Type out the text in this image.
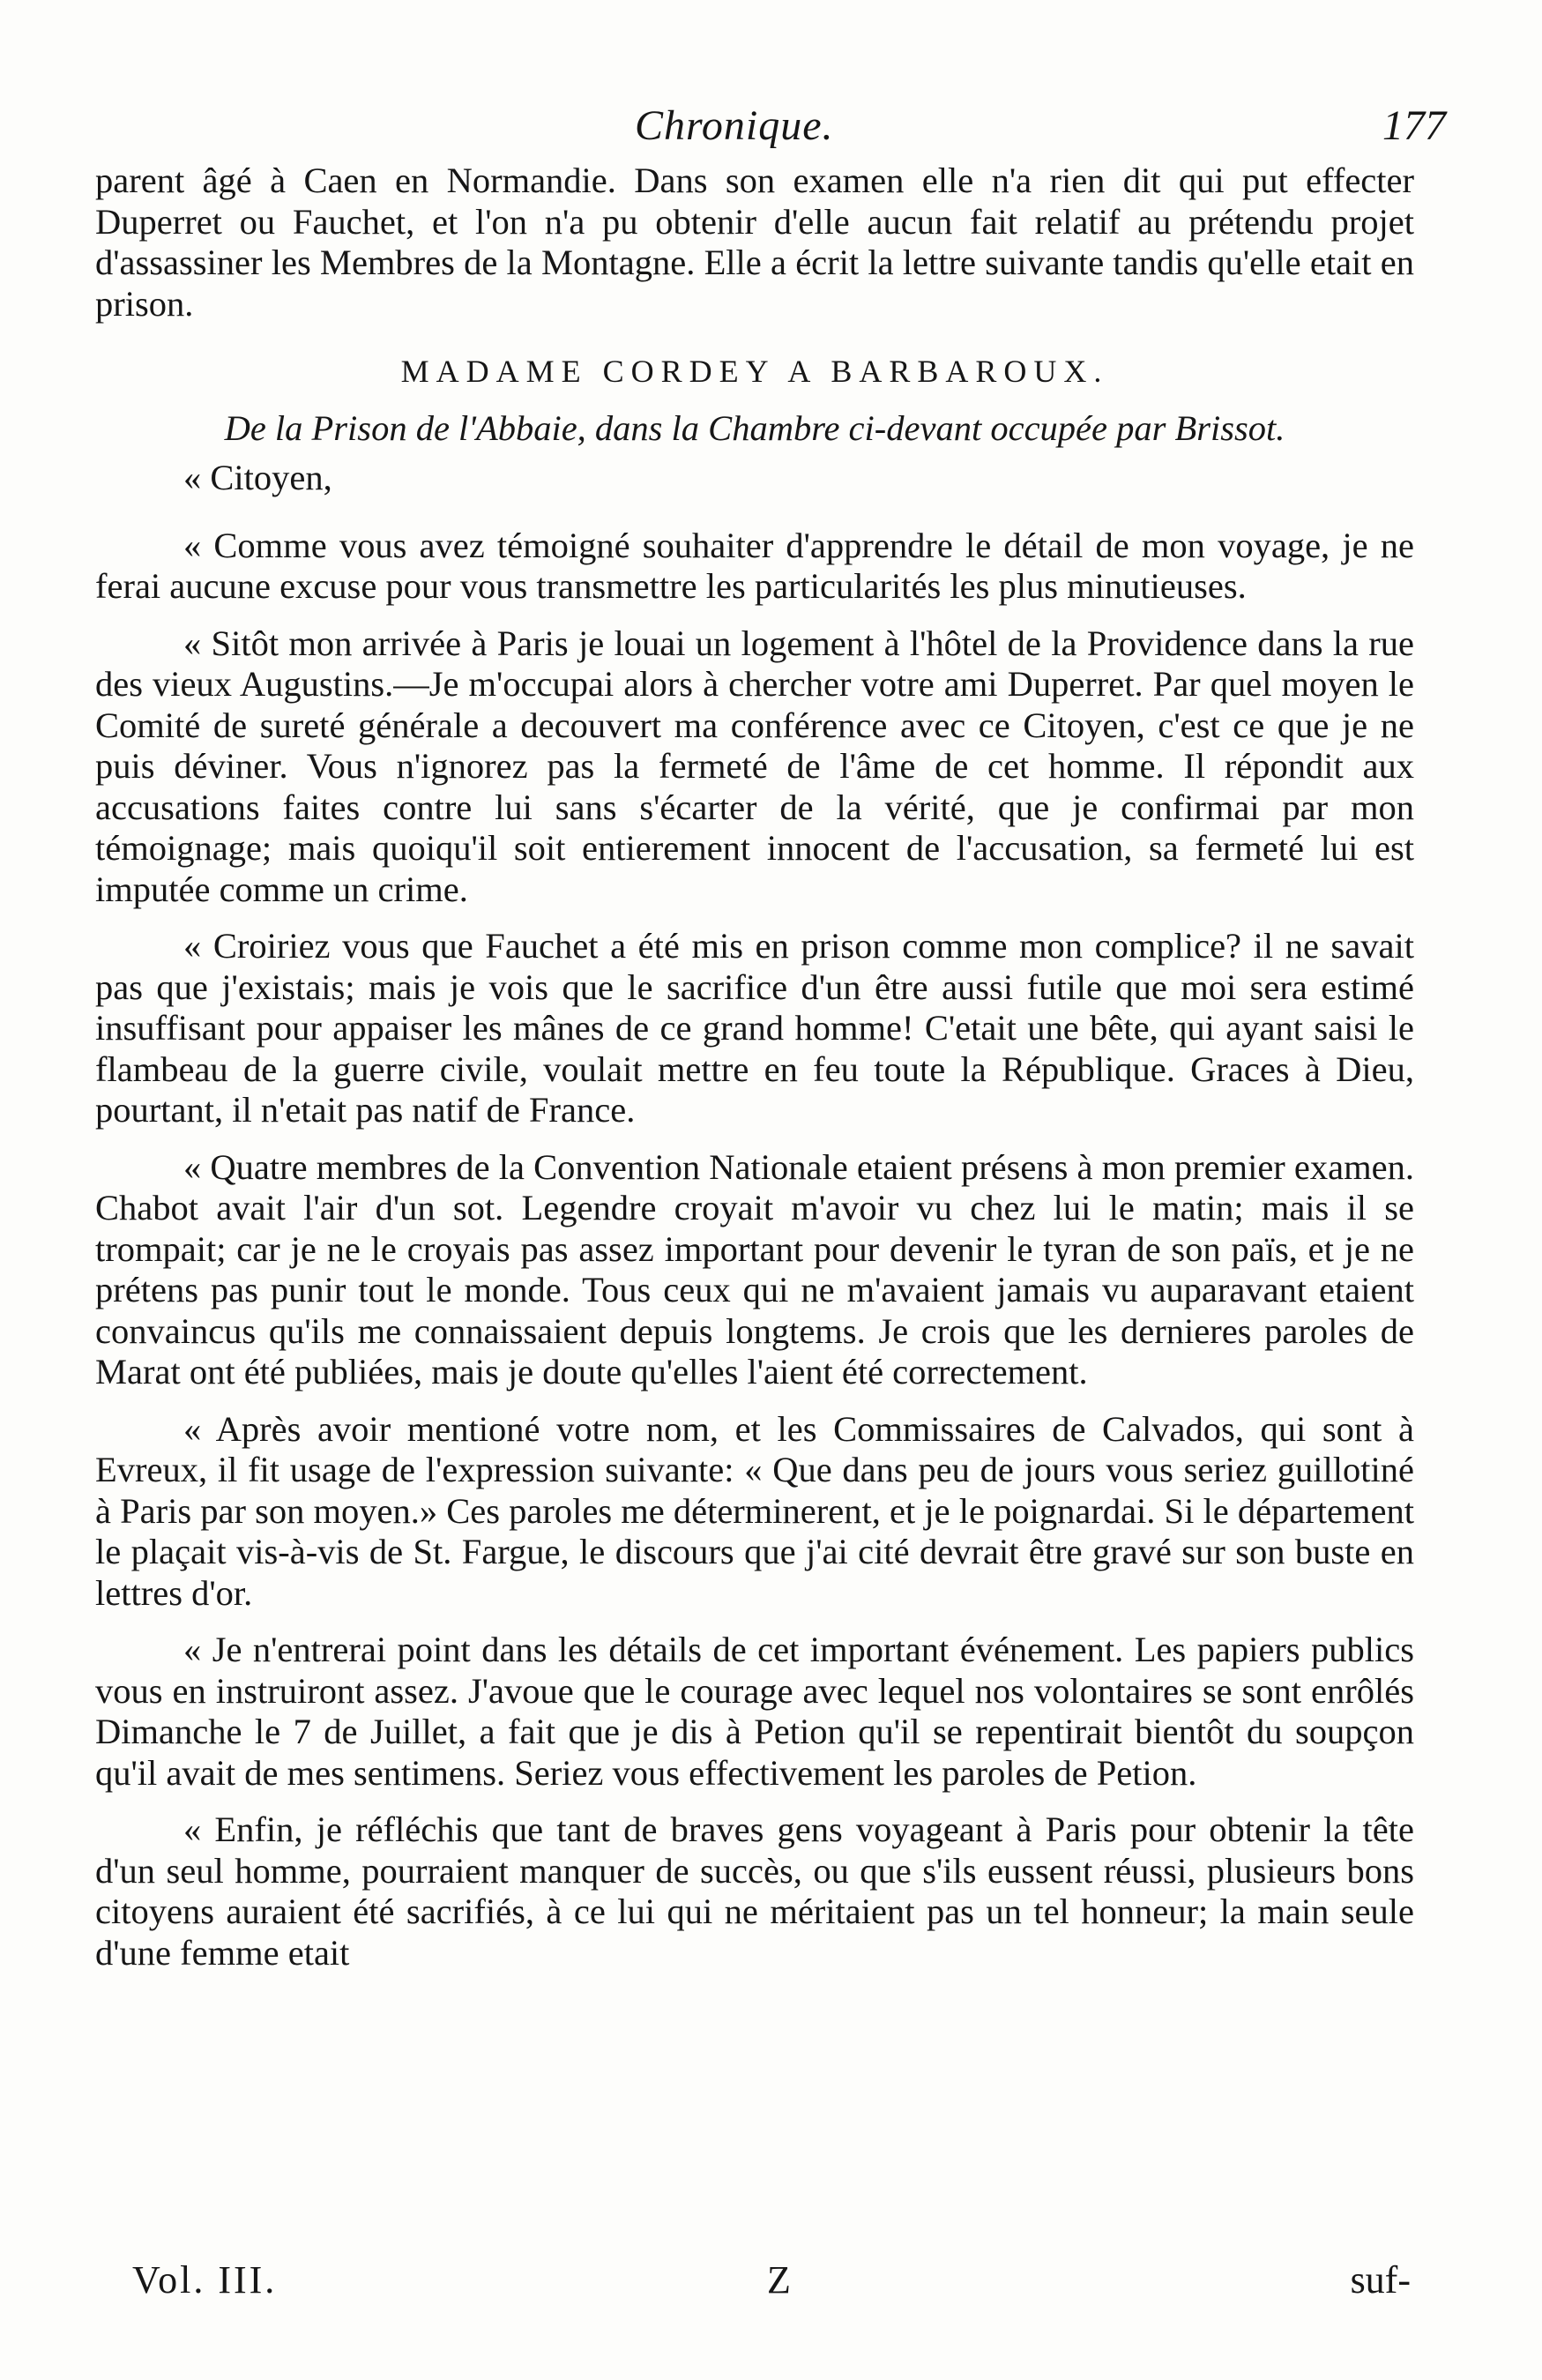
Chronique.	177

parent âgé à Caen en Normandie. Dans son examen elle n'a rien dit qui put effecter Duperret ou Fauchet, et l'on n'a pu obtenir d'elle aucun fait relatif au prétendu projet d'assassiner les Membres de la Montagne. Elle a écrit la lettre suivante tandis qu'elle etait en prison.

MADAME CORDEY A BARBAROUX.
De la Prison de l'Abbaie, dans la Chambre ci-devant occupée par Brissot.
« Citoyen,

« Comme vous avez témoigné souhaiter d'apprendre le détail de mon voyage, je ne ferai aucune excuse pour vous transmettre les particularités les plus minutieuses.

« Sitôt mon arrivée à Paris je louai un logement à l'hôtel de la Providence dans la rue des vieux Augustins.—Je m'occupai alors à chercher votre ami Duperret. Par quel moyen le Comité de sureté générale a decouvert ma conférence avec ce Citoyen, c'est ce que je ne puis déviner. Vous n'ignorez pas la fermeté de l'âme de cet homme. Il répondit aux accusations faites contre lui sans s'écarter de la vérité, que je confirmai par mon témoignage; mais quoiqu'il soit entierement innocent de l'accusation, sa fermeté lui est imputée comme un crime.

« Croiriez vous que Fauchet a été mis en prison comme mon complice? il ne savait pas que j'existais; mais je vois que le sacrifice d'un être aussi futile que moi sera estimé insuffisant pour appaiser les mânes de ce grand homme! C'etait une bête, qui ayant saisi le flambeau de la guerre civile, voulait mettre en feu toute la République. Graces à Dieu, pourtant, il n'etait pas natif de France.

« Quatre membres de la Convention Nationale etaient présens à mon premier examen. Chabot avait l'air d'un sot. Legendre croyait m'avoir vu chez lui le matin; mais il se trompait; car je ne le croyais pas assez important pour devenir le tyran de son païs, et je ne prétens pas punir tout le monde. Tous ceux qui ne m'avaient jamais vu auparavant etaient convaincus qu'ils me connaissaient depuis longtems. Je crois que les dernieres paroles de Marat ont été publiées, mais je doute qu'elles l'aient été correctement.

« Après avoir mentioné votre nom, et les Commissaires de Calvados, qui sont à Evreux, il fit usage de l'expression suivante: « Que dans peu de jours vous seriez guillotiné à Paris par son moyen.» Ces paroles me déterminerent, et je le poignardai. Si le département le plaçait vis-à-vis de St. Fargue, le discours que j'ai cité devrait être gravé sur son buste en lettres d'or.

« Je n'entrerai point dans les détails de cet important événement. Les papiers publics vous en instruiront assez. J'avoue que le courage avec lequel nos volontaires se sont enrôlés Dimanche le 7 de Juillet, a fait que je dis à Petion qu'il se repentirait bientôt du soupçon qu'il avait de mes sentimens. Seriez vous effectivement les paroles de Petion.

« Enfin, je réfléchis que tant de braves gens voyageant à Paris pour obtenir la tête d'un seul homme, pourraient manquer de succès, ou que s'ils eussent réussi, plusieurs bons citoyens auraient été sacrifiés, à ce lui qui ne méritaient pas un tel honneur; la main seule d'une femme etait

Vol. III.	Z	suf-
